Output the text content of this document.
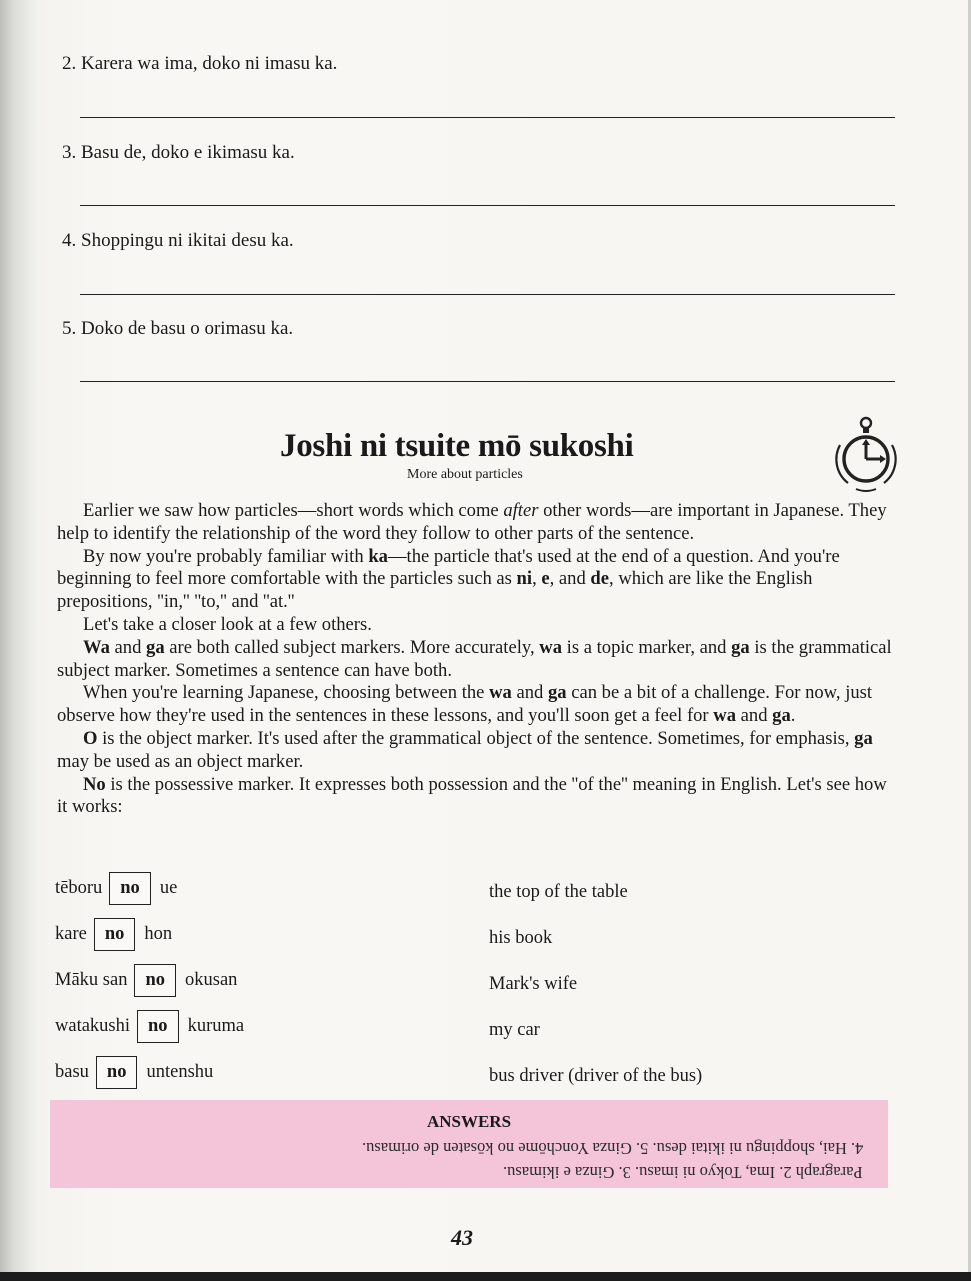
2. Karera wa ima, doko ni imasu ka.
3. Basu de, doko e ikimasu ka.
4. Shoppingu ni ikitai desu ka.
5. Doko de basu o orimasu ka.
Joshi ni tsuite mō sukoshi
More about particles

Earlier we saw how particles—short words which come after other words—are important in Japanese. They help to identify the relationship of the word they follow to other parts of the sentence.

By now you're probably familiar with ka—the particle that's used at the end of a question. And you're beginning to feel more comfortable with the particles such as ni, e, and de, which are like the English prepositions, ''in,'' ''to,'' and ''at.''

Let's take a closer look at a few others.

Wa and ga are both called subject markers. More accurately, wa is a topic marker, and ga is the grammatical subject marker. Sometimes a sentence can have both.

When you're learning Japanese, choosing between the wa and ga can be a bit of a challenge. For now, just observe how they're used in the sentences in these lessons, and you'll soon get a feel for wa and ga.

O is the object marker. It's used after the grammatical object of the sentence. Sometimes, for emphasis, ga may be used as an object marker.

No is the possessive marker. It expresses both possession and the ''of the'' meaning in English. Let's see how it works:

tēboru no	ue	the top of the table
kare no	hon	his book
Māku san no	okusan	Mark's wife
watakushi no	kuruma	my car
basu no	untenshu	bus driver (driver of the bus)
ANSWERS
4. Hai, shoppingu ni ikitai desu. 5. Ginza Yonchōme no kōsaten de orimasu.
Paragraph 2. Ima, Tokyo ni imasu. 3. Ginza e ikimasu.
43
